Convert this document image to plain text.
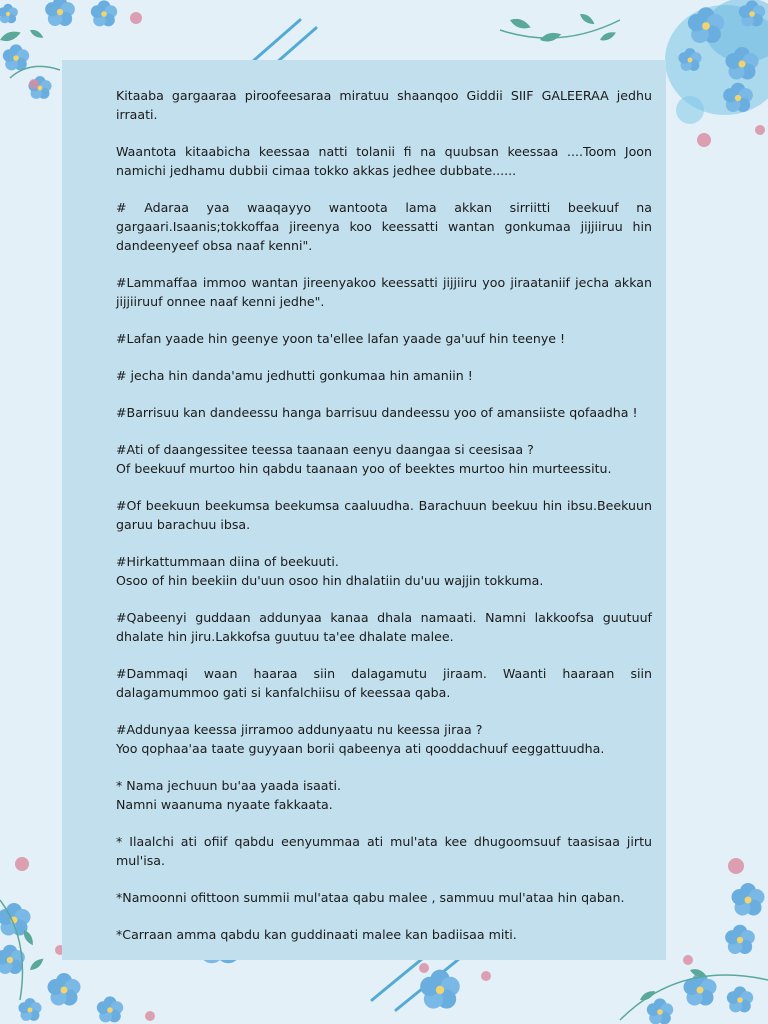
Kitaaba gargaaraa piroofeesaraa miratuu shaanqoo Giddii SIIF GALEERAA jedhu irraati.

Waantota kitaabicha keessaa natti tolanii fi na quubsan keessaa ....Toom Joon namichi jedhamu dubbii cimaa tokko akkas jedhee dubbate......

# Adaraa yaa waaqayyo wantoota lama akkan sirriitti beekuuf na gargaari.Isaanis;tokkoffaa jireenya koo keessatti wantan gonkumaa jijjiiruu hin dandeenyeef obsa naaf kenni".

#Lammaffaa immoo wantan jireenyakoo keessatti jijjiiru yoo jiraataniif jecha akkan jijjiiruuf onnee naaf kenni jedhe".

#Lafan yaade hin geenye yoon ta'ellee lafan yaade ga'uuf hin teenye !

# jecha hin danda'amu jedhutti gonkumaa hin amaniin !

#Barrisuu kan dandeessu hanga barrisuu dandeessu yoo of amansiiste qofaadha !

#Ati of daangessitee teessa taanaan eenyu daangaa si ceesisaa ?
Of beekuuf murtoo hin qabdu taanaan yoo of beektes murtoo hin murteessitu.

#Of beekuun beekumsa beekumsa caaluudha. Barachuun beekuu hin ibsu.Beekuun garuu barachuu ibsa.

#Hirkattummaan diina of beekuuti.
Osoo of hin beekiin du'uun osoo hin dhalatiin du'uu wajjin tokkuma.

#Qabeenyi guddaan addunyaa kanaa dhala namaati. Namni lakkoofsa guutuuf dhalate hin jiru.Lakkofsa guutuu ta'ee dhalate malee.

#Dammaqi waan haaraa siin dalagamutu jiraam. Waanti haaraan siin dalagamummoo gati si kanfalchiisu of keessaa qaba.

#Addunyaa keessa jirramoo addunyaatu nu keessa jiraa ?
Yoo qophaa'aa taate guyyaan borii qabeenya ati qooddachuuf eeggattuudha.

* Nama jechuun bu'aa yaada isaati.
Namni waanuma nyaate fakkaata.

* Ilaalchi ati ofiif qabdu eenyummaa ati mul'ata kee dhugoomsuuf taasisaa jirtu mul'isa.

*Namoonni ofittoon summii mul'ataa qabu malee , sammuu mul'ataa hin qaban.

*Carraan amma qabdu kan guddinaati malee kan badiisaa miti.
